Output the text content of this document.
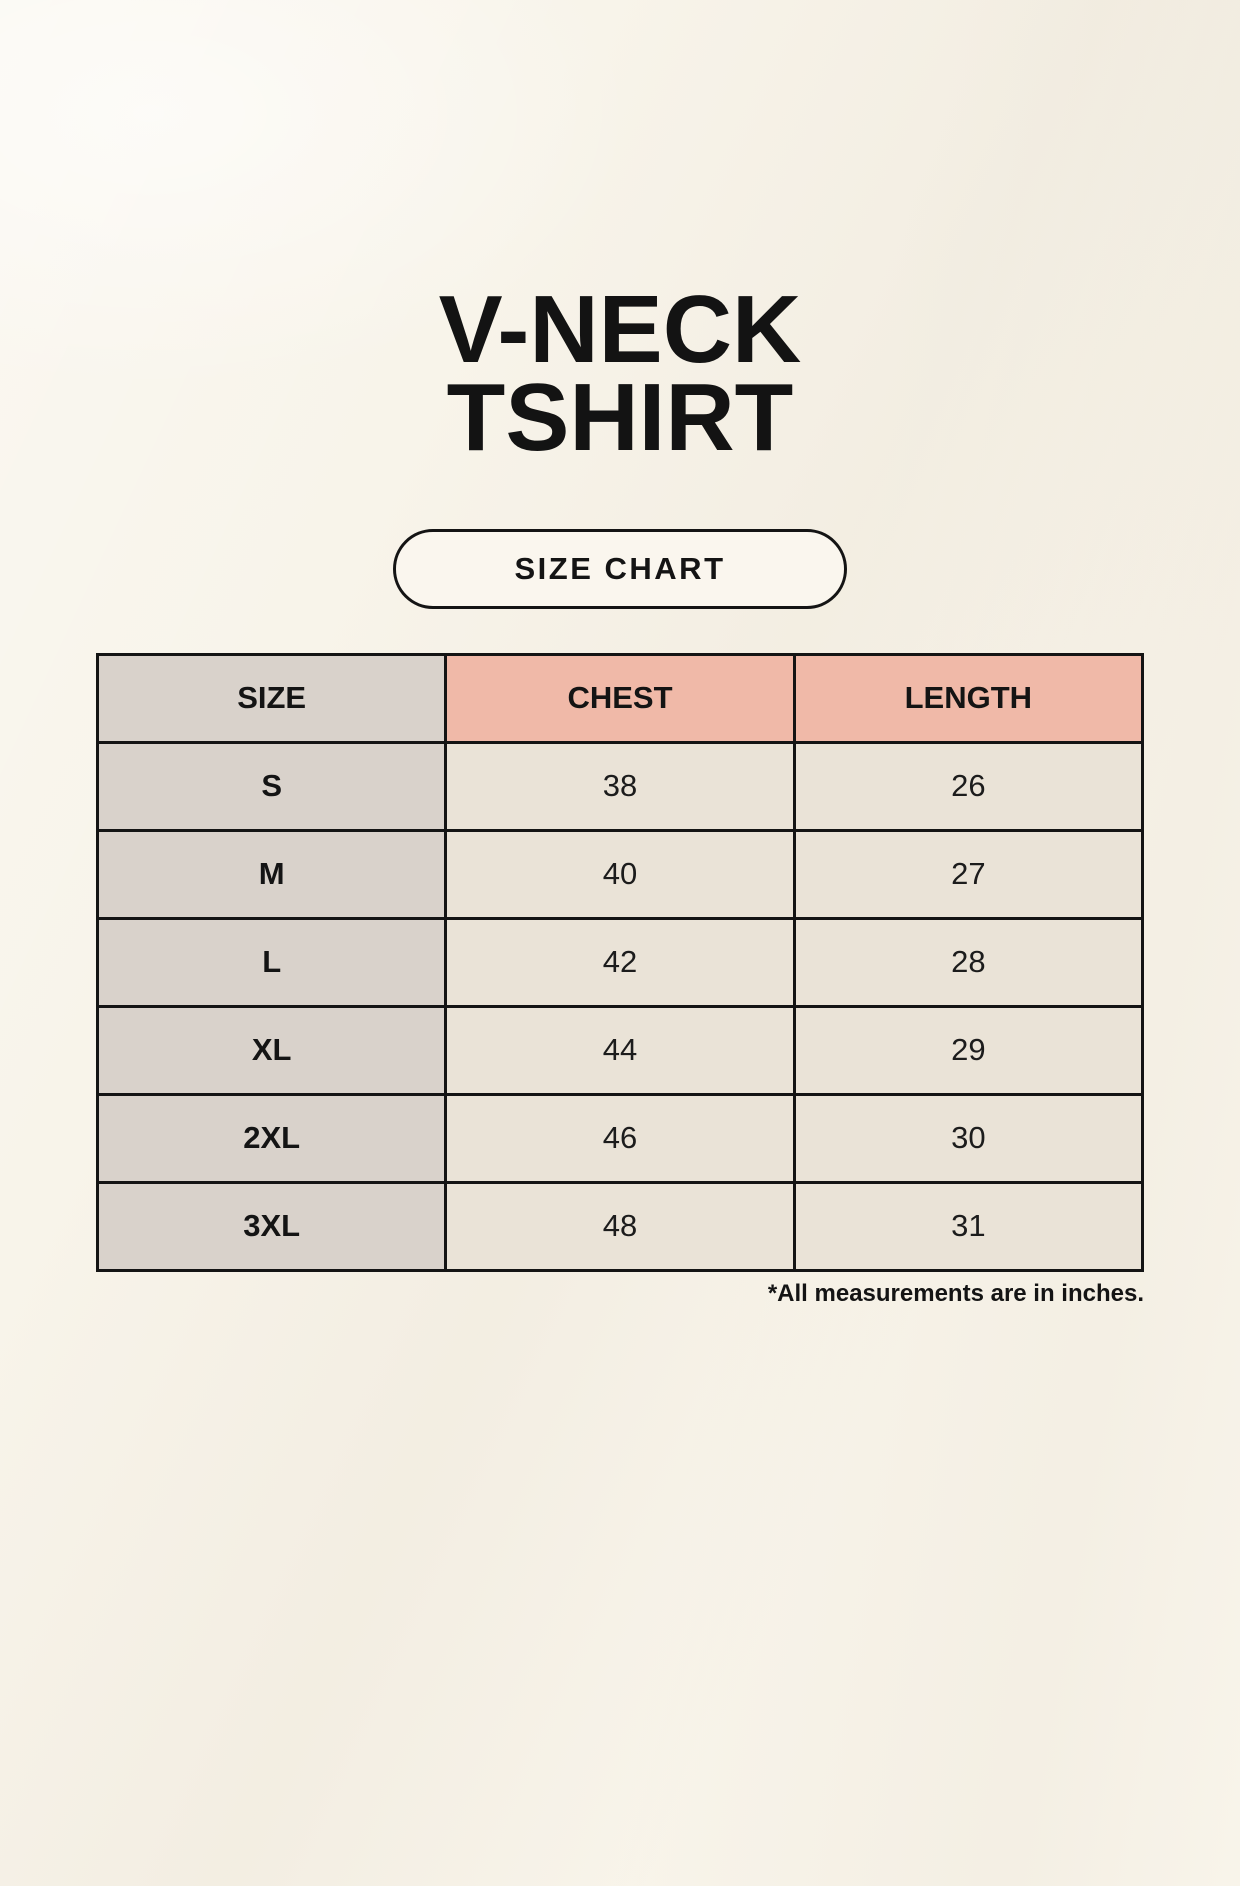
V-NECK
TSHIRT
SIZE CHART
SIZE	CHEST	LENGTH
S	38	26
M	40	27
L	42	28
XL	44	29
2XL	46	30
3XL	48	31
*All measurements are in inches.
